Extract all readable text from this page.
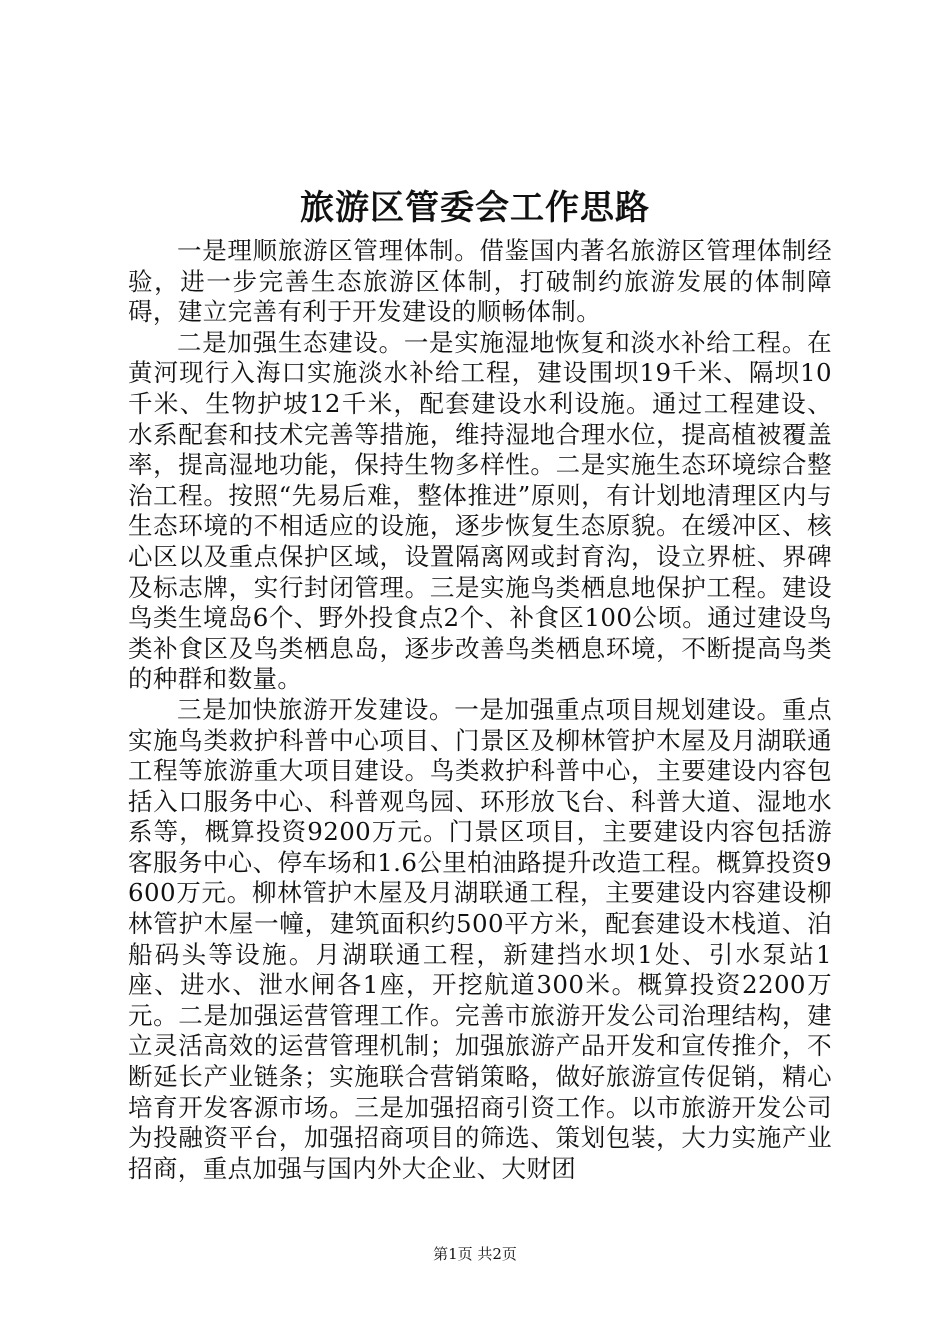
旅游区管委会工作思路

一是理顺旅游区管理体制。借鉴国内著名旅游区管理体制经验，进一步完善生态旅游区体制，打破制约旅游发展的体制障碍，建立完善有利于开发建设的顺畅体制。

二是加强生态建设。一是实施湿地恢复和淡水补给工程。在黄河现行入海口实施淡水补给工程，建设围坝19千米、隔坝10千米、生物护坡12千米，配套建设水利设施。通过工程建设、水系配套和技术完善等措施，维持湿地合理水位，提高植被覆盖率，提高湿地功能，保持生物多样性。二是实施生态环境综合整治工程。按照“先易后难，整体推进”原则，有计划地清理区内与生态环境的不相适应的设施，逐步恢复生态原貌。在缓冲区、核心区以及重点保护区域，设置隔离网或封育沟，设立界桩、界碑及标志牌，实行封闭管理。三是实施鸟类栖息地保护工程。建设鸟类生境岛6个、野外投食点2个、补食区100公顷。通过建设鸟类补食区及鸟类栖息岛，逐步改善鸟类栖息环境，不断提高鸟类的种群和数量。

三是加快旅游开发建设。一是加强重点项目规划建设。重点实施鸟类救护科普中心项目、门景区及柳林管护木屋及月湖联通工程等旅游重大项目建设。鸟类救护科普中心，主要建设内容包括入口服务中心、科普观鸟园、环形放飞台、科普大道、湿地水系等，概算投资9200万元。门景区项目，主要建设内容包括游客服务中心、停车场和1.6公里柏油路提升改造工程。概算投资9600万元。柳林管护木屋及月湖联通工程，主要建设内容建设柳林管护木屋一幢，建筑面积约500平方米，配套建设木栈道、泊船码头等设施。月湖联通工程，新建挡水坝1处、引水泵站1座、进水、泄水闸各1座，开挖航道300米。概算投资2200万元。二是加强运营管理工作。完善市旅游开发公司治理结构，建立灵活高效的运营管理机制；加强旅游产品开发和宣传推介，不断延长产业链条；实施联合营销策略，做好旅游宣传促销，精心培育开发客源市场。三是加强招商引资工作。以市旅游开发公司为投融资平台，加强招商项目的筛选、策划包装，大力实施产业招商，重点加强与国内外大企业、大财团

第1页 共2页
